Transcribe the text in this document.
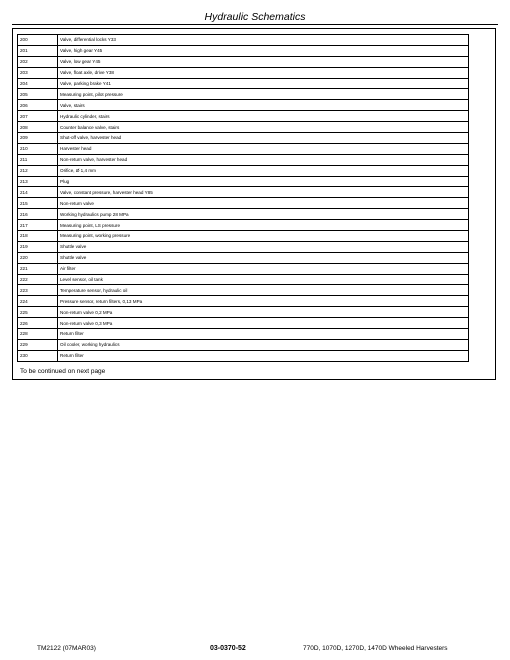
Hydraulic Schematics
200	Valve, differential locks Y33
201	Valve, high gear Y45
202	Valve, low gear Y45
203	Valve, float axle, drive Y38
204	Valve, parking brake Y41
205	Measuring point, pilot pressure
206	Valve, stairs
207	Hydraulic cylinder, stairs
208	Counter balance valve, stairs
209	Shut-off valve, harvester head
210	Harvester head
211	Non-return valve, harvester head
212	Orifice, Ø 1,4 mm
213	Plug
214	Valve, constant pressure, harvester head Y85
215	Non-return valve
216	Working hydraulics pump 28 MPa
217	Measuring point, LS pressure
218	Measuring point, working pressure
219	Shuttle valve
220	Shuttle valve
221	Air filter
222	Level sensor, oil tank
223	Temperature sensor, hydraulic oil
224	Pressure sensor, return filters, 0,13 MPa
225	Non-return valve 0,2 MPa
226	Non-return valve 0,3 MPa
228	Return filter
229	Oil cooler, working hydraulics
230	Return filter
To be continued on next page
TM2122 (07MAR03)	03-0370-52	770D, 1070D, 1270D, 1470D Wheeled Harvesters
